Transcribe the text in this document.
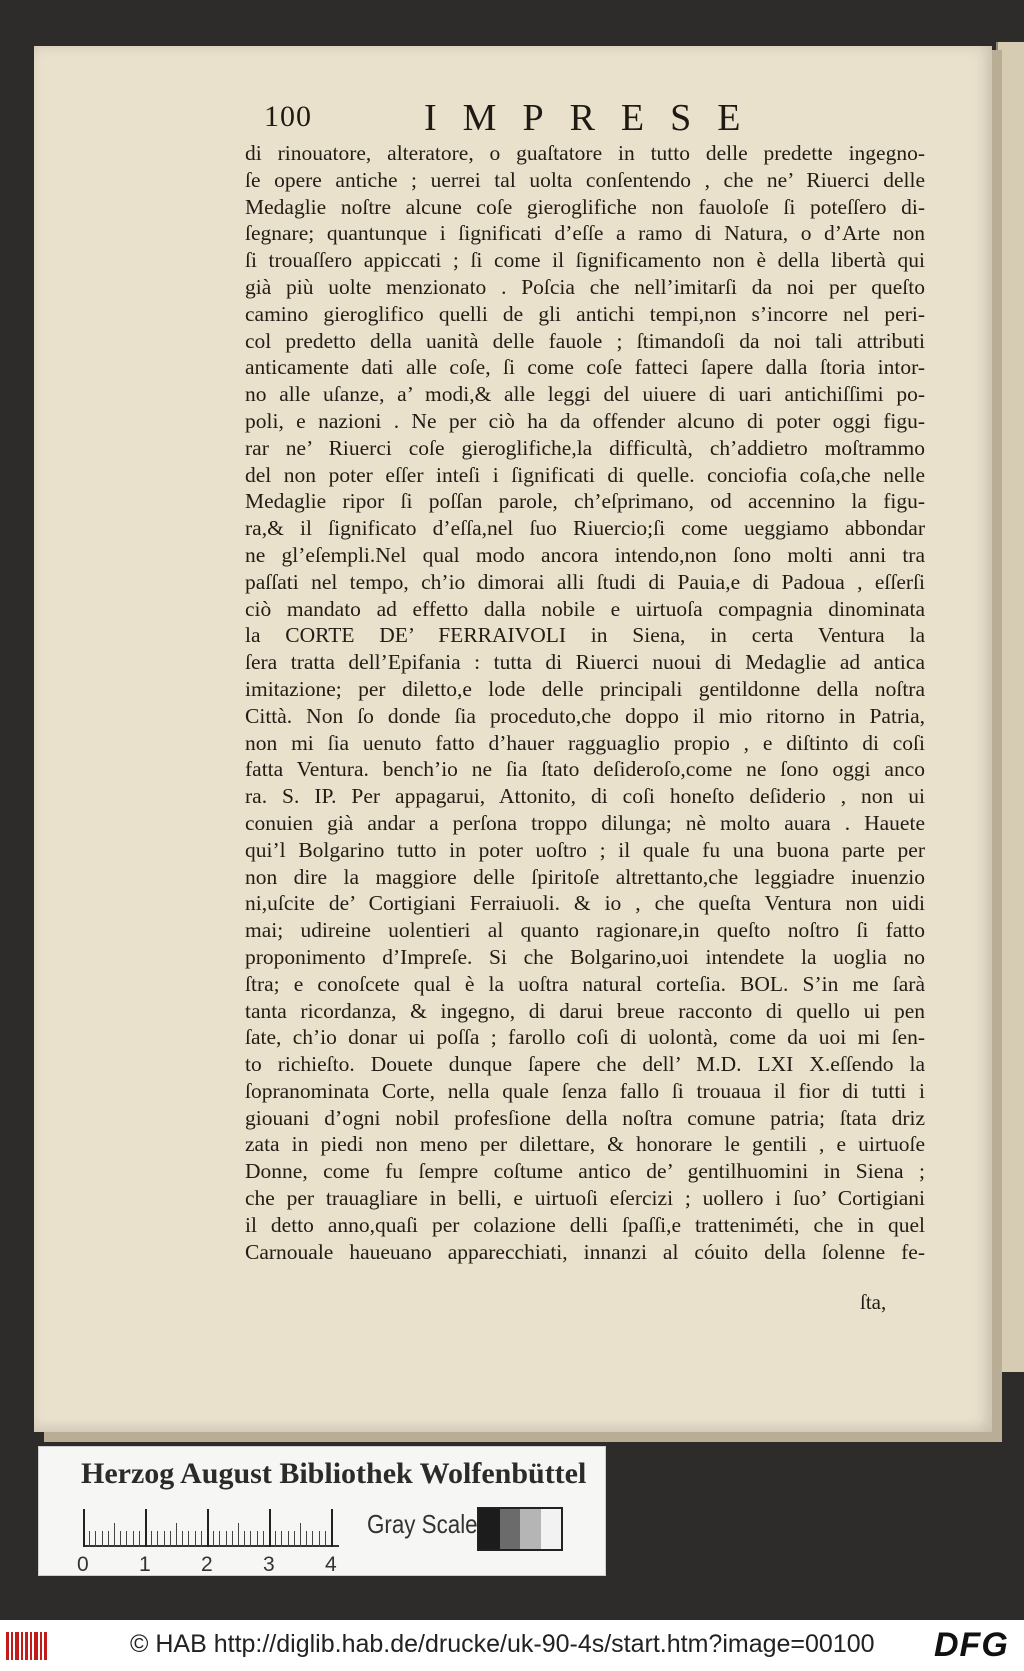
100	IMPRESE
di rinouatore, alteratore, o guaſtatore in tutto delle predette ingegno-
ſe opere antiche ; uerrei tal uolta conſentendo , che ne’ Riuerci delle
Medaglie noſtre alcune coſe gieroglifiche non fauoloſe ſi poteſſero di-
ſegnare; quantunque i ſignificati d’eſſe a ramo di Natura, o d’Arte non
ſi trouaſſero appiccati ; ſi come il ſignificamento non è della libertà qui
già più uolte menzionato . Poſcia che nell’imitarſi da noi per queſto
camino gieroglifico quelli de gli antichi tempi,non s’incorre nel peri-
col predetto della uanità delle fauole ; ſtimandoſi da noi tali attributi
anticamente dati alle coſe, ſi come coſe fatteci ſapere dalla ſtoria intor-
no alle uſanze, a’ modi,& alle leggi del uiuere di uari antichiſſimi po-
poli, e nazioni . Ne per ciò ha da offender alcuno di poter oggi figu-
rar ne’ Riuerci coſe gieroglifiche,la difficultà, ch’addietro moſtrammo
del non poter eſſer inteſi i ſignificati di quelle. conciofia coſa,che nelle
Medaglie ripor ſi poſſan parole, ch’eſprimano, od accennino la figu-
ra,& il ſignificato d’eſſa,nel ſuo Riuercio;ſi come ueggiamo abbondar
ne gl’eſempli.Nel qual modo ancora intendo,non ſono molti anni tra
paſſati nel tempo, ch’io dimorai alli ſtudi di Pauia,e di Padoua , eſſerſi
ciò mandato ad effetto dalla nobile e uirtuoſa compagnia dinominata
la CORTE DE’ FERRAIVOLI in Siena, in certa Ventura la
ſera tratta dell’Epifania : tutta di Riuerci nuoui di Medaglie ad antica
imitazione; per diletto,e lode delle principali gentildonne della noſtra
Città. Non ſo donde ſia proceduto,che doppo il mio ritorno in Patria,
non mi ſia uenuto fatto d’hauer ragguaglio propio , e diſtinto di coſi
fatta Ventura. bench’io ne ſia ſtato deſideroſo,come ne ſono oggi anco
ra. S. IP. Per appagarui, Attonito, di coſi honeſto deſiderio , non ui
conuien già andar a perſona troppo dilunga; nè molto auara . Hauete
qui’l Bolgarino tutto in poter uoſtro ; il quale fu una buona parte per
non dire la maggiore delle ſpiritoſe altrettanto,che leggiadre inuenzio
ni,uſcite de’ Cortigiani Ferraiuoli. & io , che queſta Ventura non uidi
mai; udireine uolentieri al quanto ragionare,in queſto noſtro ſi fatto
proponimento d’Impreſe. Si che Bolgarino,uoi intendete la uoglia no
ſtra; e conoſcete qual è la uoſtra natural corteſia. BOL. S’in me ſarà
tanta ricordanza, & ingegno, di darui breue racconto di quello ui pen
ſate, ch’io donar ui poſſa ; farollo coſi di uolontà, come da uoi mi ſen-
to richieſto. Douete dunque ſapere che dell’ M.D. LXI X.eſſendo la
ſopranominata Corte, nella quale ſenza fallo ſi trouaua il fior di tutti i
giouani d’ogni nobil profesſione della noſtra comune patria; ſtata driz
zata in piedi non meno per dilettare, & honorare le gentili , e uirtuoſe
Donne, come fu ſempre coſtume antico de’ gentilhuomini in Siena ;
che per trauagliare in belli, e uirtuoſi eſercizi ; uollero i ſuo’ Cortigiani
il detto anno,quaſi per colazione delli ſpaſſi,e tratteniméti, che in quel
Carnouale haueuano apparecchiati, innanzi al cóuito della ſolenne fe-
ſta,
Herzog August Bibliothek Wolfenbüttel
0 1 2 3 4
Gray Scale
© HAB http://diglib.hab.de/drucke/uk-90-4s/start.htm?image=00100 DFG
